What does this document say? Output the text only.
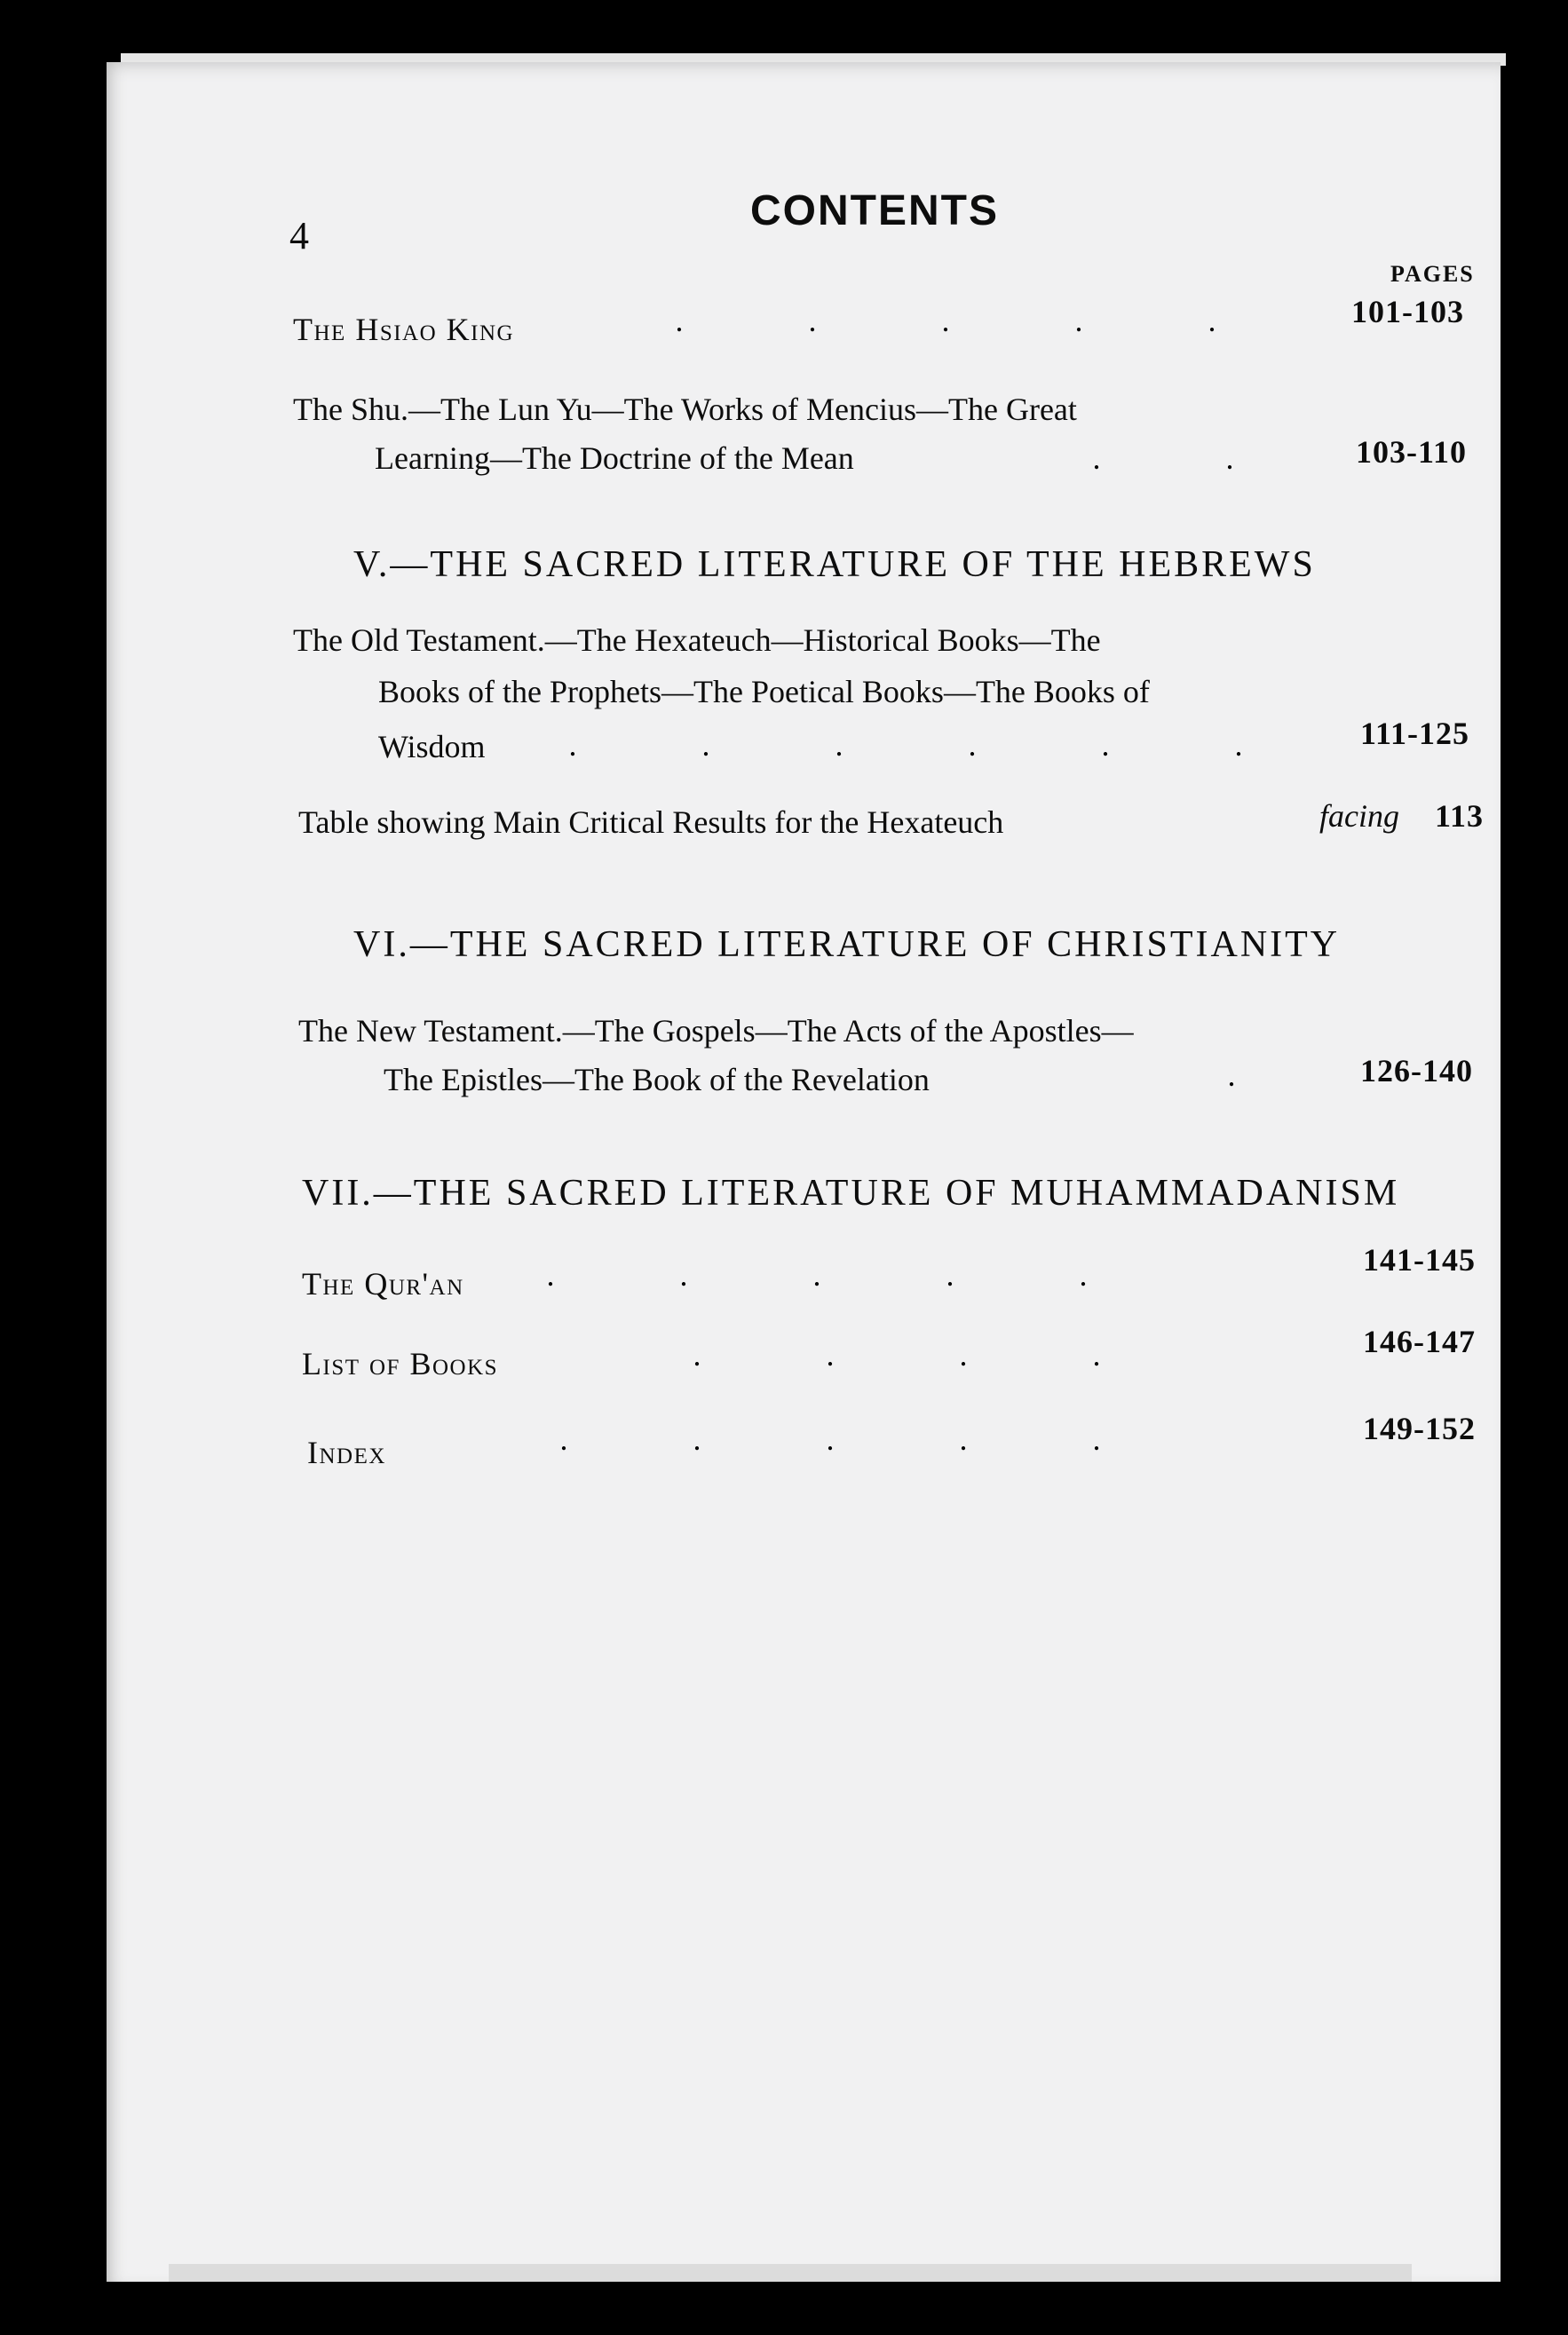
4
CONTENTS
PAGES
The Hsiao King	.	.	.	.	.	101-103
The Shu.—The Lun Yu—The Works of Mencius—The Great
Learning—The Doctrine of the Mean	.	.	103-110
V.—THE SACRED LITERATURE OF THE HEBREWS
The Old Testament.—The Hexateuch—Historical Books—The
Books of the Prophets—The Poetical Books—The Books of
Wisdom	.	.	.	.	.	.	111-125
Table showing Main Critical Results for the Hexateuch	facing 113
VI.—THE SACRED LITERATURE OF CHRISTIANITY
The New Testament.—The Gospels—The Acts of the Apostles—
The Epistles—The Book of the Revelation	.	126-140
VII.—THE SACRED LITERATURE OF MUHAMMADANISM
The Qur'an	.	.	.	.	.	141-145
List of Books	.	.	.	.	146-147
Index	.	.	.	.	.	149-152
